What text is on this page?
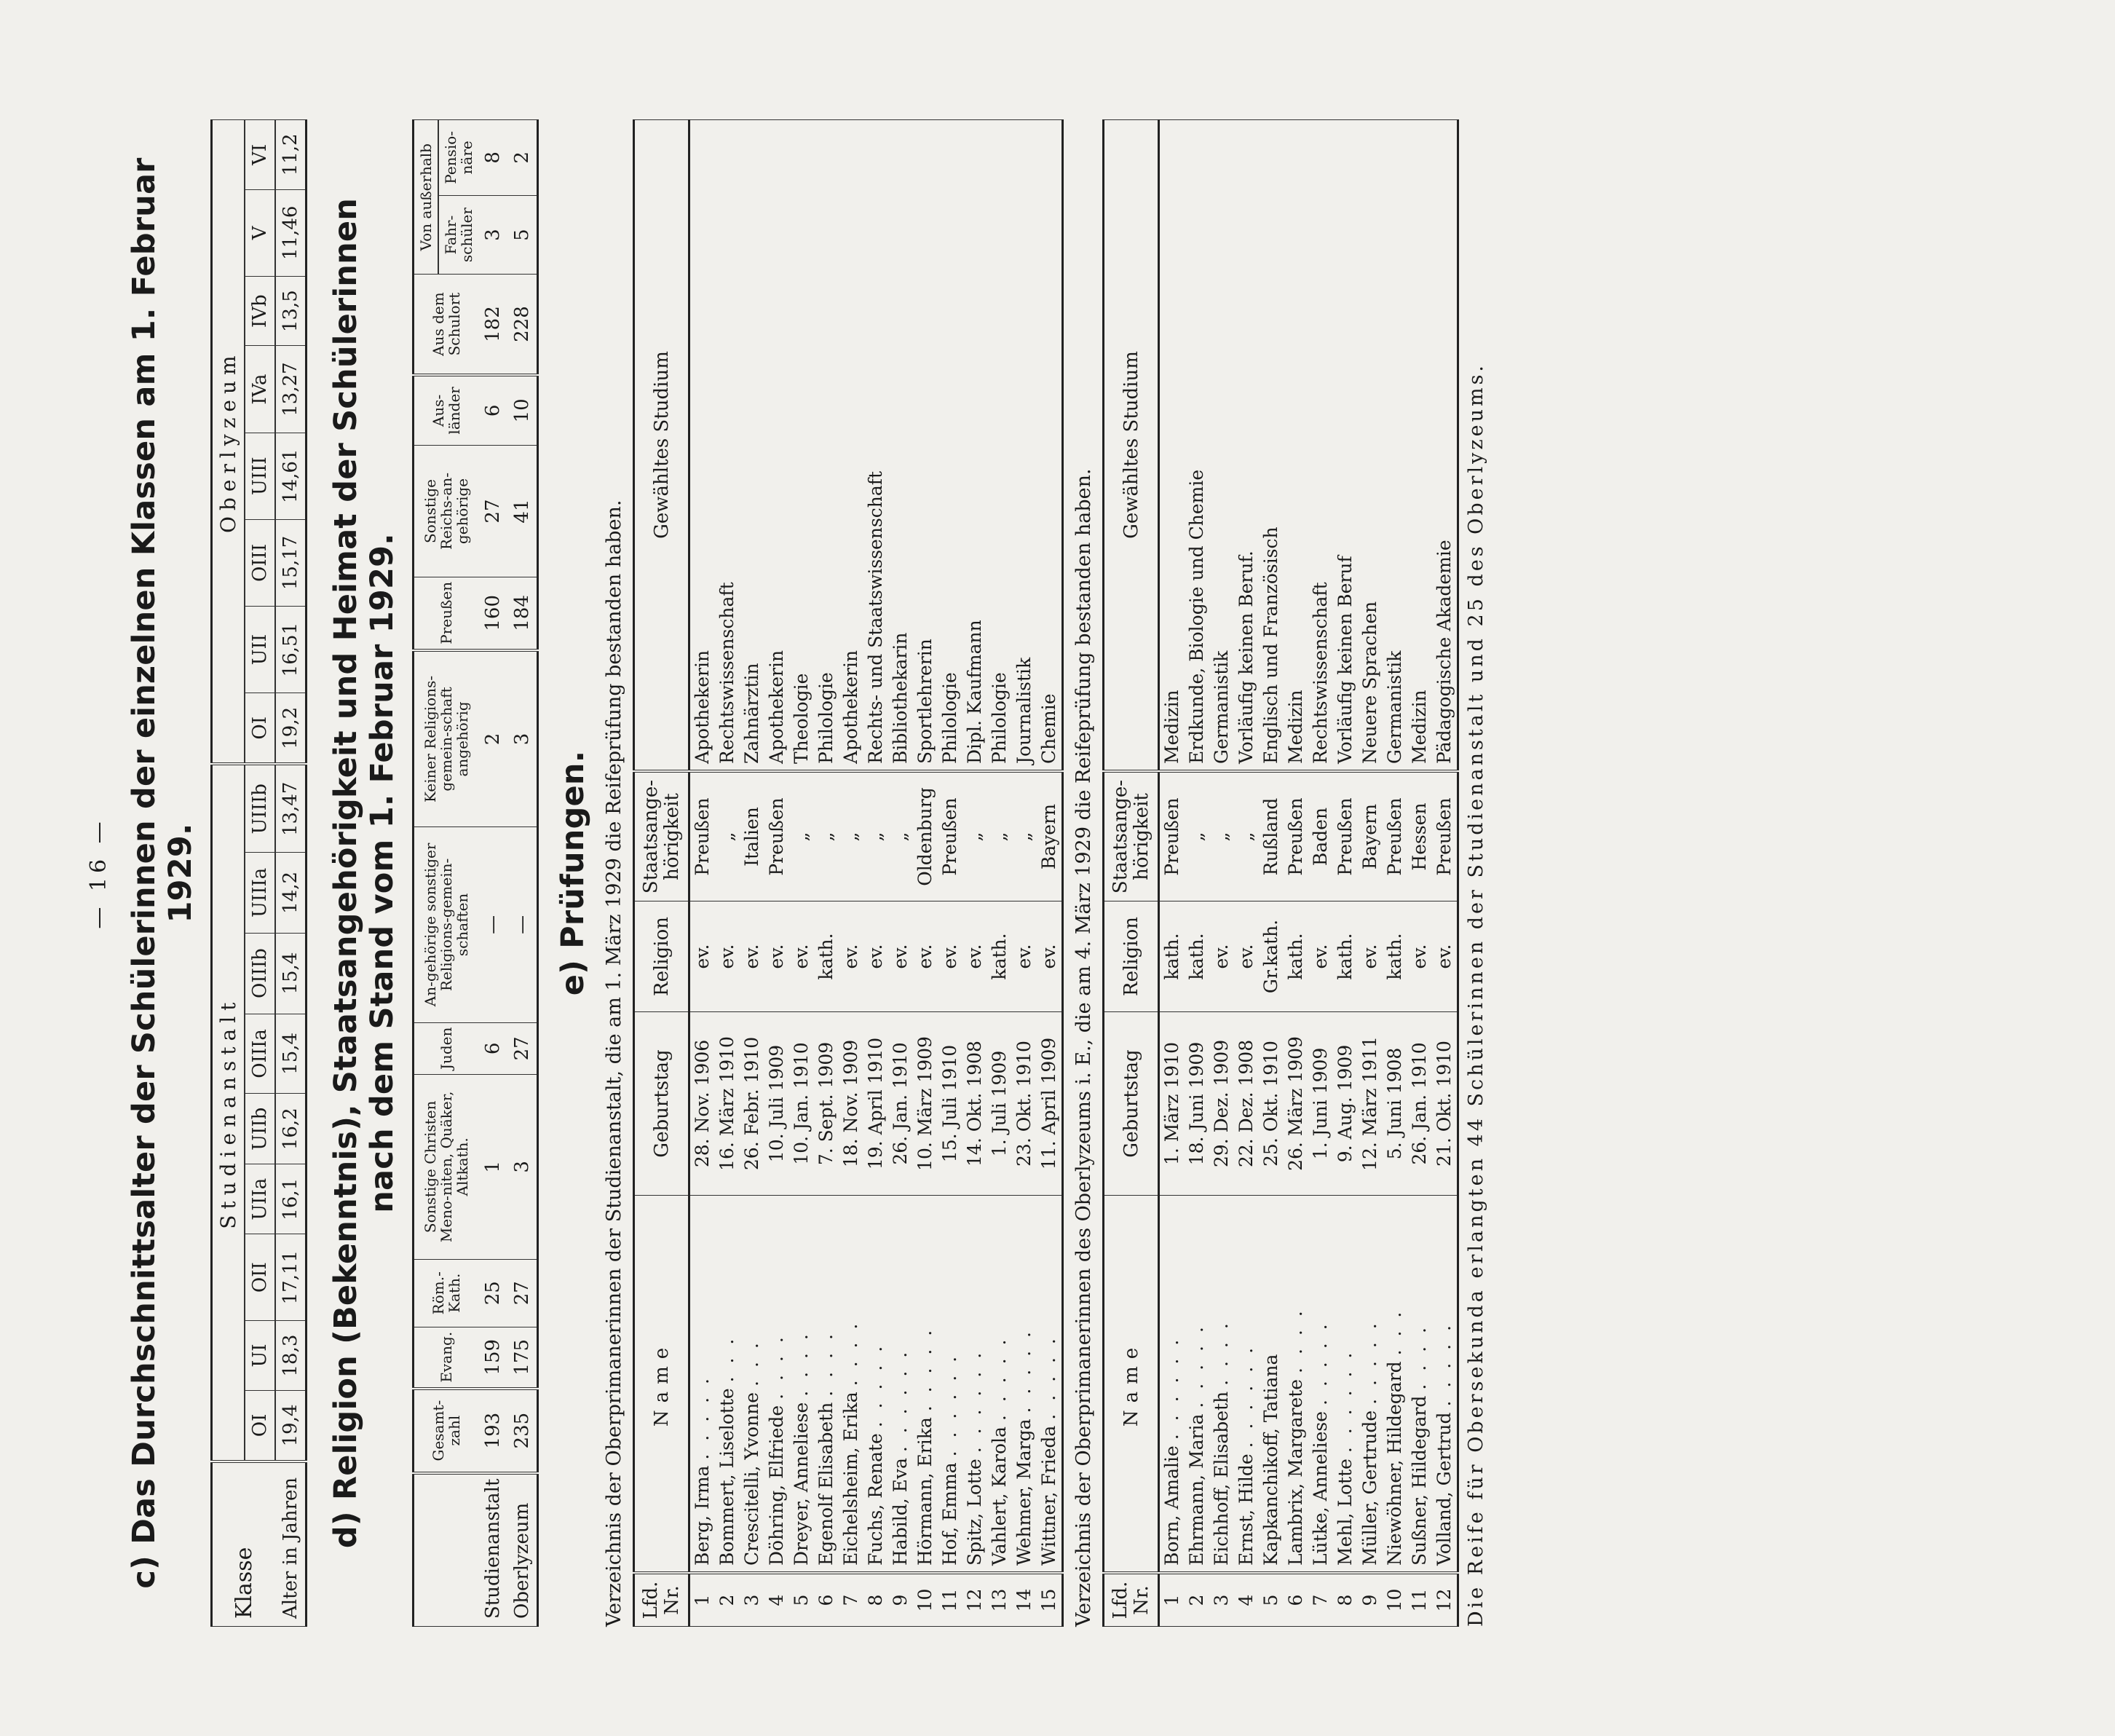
— 16 — c) Das Durchschnittsalter der Schülerinnen der einzelnen Klassen am 1. Februar 1929.
Klasse	Studienanstalt									Oberlyzeum							
	OI	UI	OII	UIIa	UIIb	OIIIa	OIIIb	UIIIa	UIIIb	OI	UII	OIII	UIII	IVa	IVb	V	VI
Alter in Jahren	19,4	18,3	17,11	16,1	16,2	15,4	15,4	14,2	13,47	19,2	16,51	15,17	14,61	13,27	13,5	11,46	11,2
d) Religion (Bekenntnis), Staatsangehörigkeit und Heimat der Schülerinnen nach dem Stand vom 1. Februar 1929.
	Gesamt-zahl	Evang.	Röm.-Kath.	Sonstige Christen Meno-niten, Quäker, Altkath.	Juden	An-gehörige sonstiger Religions-gemein-schaften	Keiner Religions-gemein-schaft angehörig	Preußen	Sonstige Reichs-an-gehörige	Aus-länder	Aus dem Schulort	Von außerhalb	
												Fahr-schüler	Pensio-näre
Studienanstalt	193	159	25	1	6	—	2	160	27	6	182	3	8
Oberlyzeum	235	175	27	3	27	—	3	184	41	10	228	5	2
e) Prüfungen. Verzeichnis der Oberprimanerinnen der Studienanstalt, die am 1. März 1929 die Reifeprüfung bestanden haben. Lfd. Nr.	Name	Geburtstag	Religion	Staatsange-hörigkeit	Gewähltes Studium
1	Berg, Irma . . . . .	28. Nov. 1906	ev.	Preußen	Apothekerin
2	Bommert, Liselotte . . .	16. März 1910	ev.	„	Rechtswissenschaft
3	Crescitelli, Yvonne . . .	26. Febr. 1910	ev.	Italien	Zahnärztin
4	Döhring, Elfriede . . . .	10. Juli 1909	ev.	Preußen	Apothekerin
5	Dreyer, Anneliese . . . .	10. Jan. 1910	ev.	„	Theologie
6	Egenolf Elisabeth . . . .	7. Sept. 1909	kath.	„	Philologie
7	Eichelsheim, Erika . . . .	18. Nov. 1909	ev.	„	Apothekerin
8	Fuchs, Renate . . . . .	19. April 1910	ev.	„	Rechts- und Staatswissenschaft
9	Habild, Eva . . . . . .	26. Jan. 1910	ev.	„	Bibliothekarin
10	Hörmann, Erika . . . . .	10. März 1909	ev.	Oldenburg	Sportlehrerin
11	Hof, Emma . . . . . .	15. Juli 1910	ev.	Preußen	Philologie
12	Spitz, Lotte . . . . . .	14. Okt. 1908	ev.	„	Dipl. Kaufmann
13	Vahlert, Karola . . . . .	1. Juli 1909	kath.	„	Philologie
14	Wehmer, Marga . . . . .	23. Okt. 1910	ev.	„	Journalistik
15	Wittner, Frieda . . . . .	11. April 1909	ev.	Bayern	Chemie Verzeichnis der Oberprimanerinnen des Oberlyzeums i. E., die am 4. März 1929 die Reifeprüfung bestanden haben. Lfd. Nr.	Name	Geburtstag	Religion	Staatsange-hörigkeit	Gewähltes Studium
1	Born, Amalie . . . . . .	1. März 1910	kath.	Preußen	Medizin
2	Ehrmann, Maria . . . . .	18. Juni 1909	kath.	„	Erdkunde, Biologie und Chemie
3	Eichhoff, Elisabeth . . . .	29. Dez. 1909	ev.	„	Germanistik
4	Ernst, Hilde . . . . . .	22. Dez. 1908	ev.	„	Vorläufig keinen Beruf.
5	Kapkanchikoff, Tatiana	25. Okt. 1910	Gr.kath.	Rußland	Englisch und Französisch
6	Lambrix, Margarete . . . .	26. März 1909	kath.	Preußen	Medizin
7	Lütke, Anneliese . . . . .	1. Juni 1909	ev.	Baden	Rechtswissenschaft
8	Mehl, Lotte . . . . . .	9. Aug. 1909	kath.	Preußen	Vorläufig keinen Beruf
9	Müller, Gertrude . . . . .	12. März 1911	ev.	Bayern	Neuere Sprachen
10	Niewöhner, Hildegard . . .	5. Juni 1908	kath.	Preußen	Germanistik
11	Sußner, Hildegard . . . .	26. Jan. 1910	ev.	Hessen	Medizin
12	Volland, Gertrud . . . . .	21. Okt. 1910	ev.	Preußen	Pädagogische Akademie Die Reife für Obersekunda erlangten 44 Schülerinnen der Studienanstalt und 25 des Oberlyzeums.
